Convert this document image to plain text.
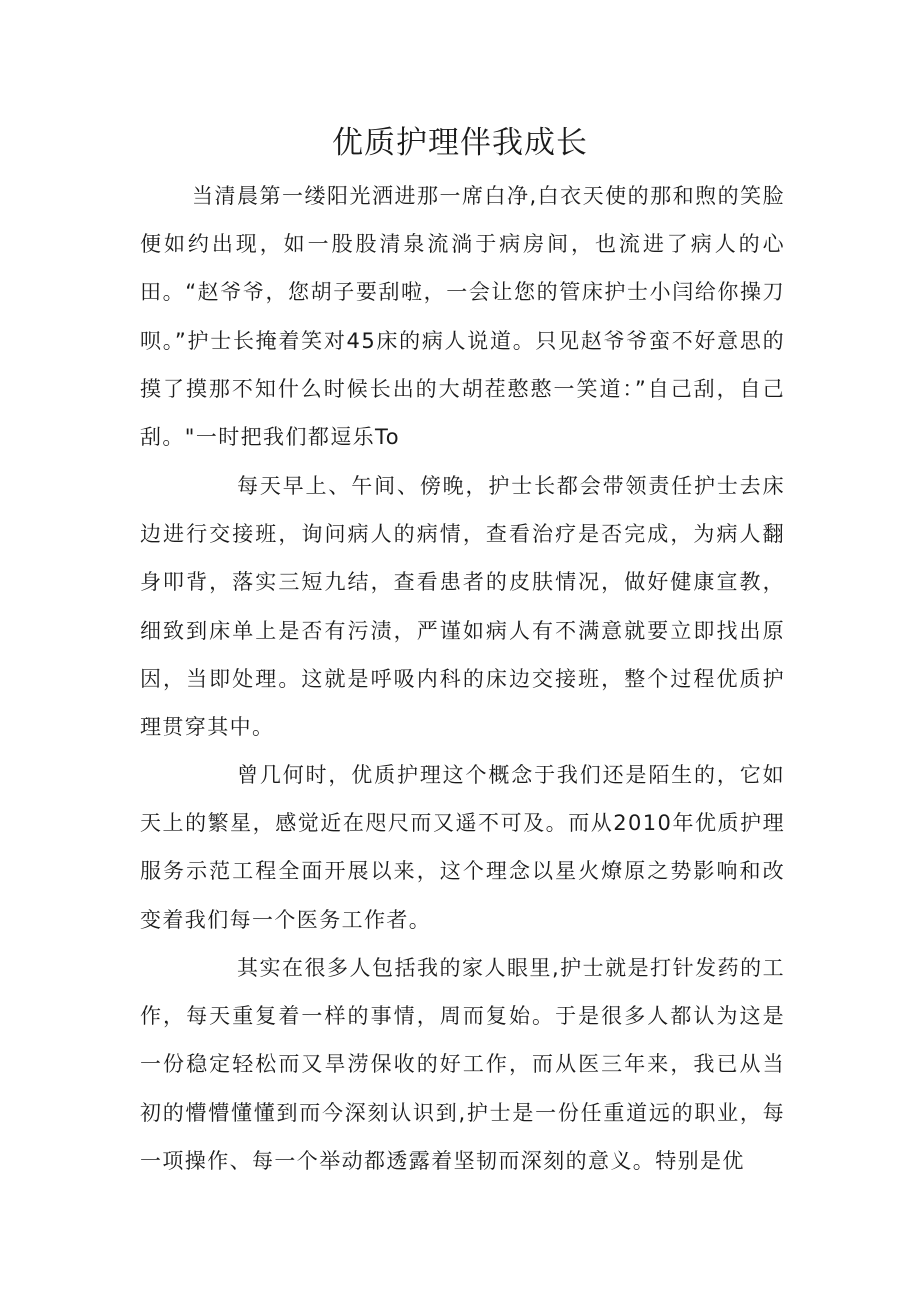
优质护理伴我成长

当清晨第一缕阳光洒进那一席白净,白衣天使的那和煦的笑脸便如约出现，如一股股清泉流淌于病房间，也流进了病人的心田。“赵爷爷，您胡子要刮啦，一会让您的管床护士小闫给你操刀呗。”护士长掩着笑对45床的病人说道。只见赵爷爷蛮不好意思的摸了摸那不知什么时候长出的大胡茬憨憨一笑道：”自己刮，自己刮。"一时把我们都逗乐To

每天早上、午间、傍晚，护士长都会带领责任护士去床边进行交接班，询问病人的病情，查看治疗是否完成，为病人翻身叩背，落实三短九结，查看患者的皮肤情况，做好健康宣教，细致到床单上是否有污渍，严谨如病人有不满意就要立即找出原因，当即处理。这就是呼吸内科的床边交接班，整个过程优质护理贯穿其中。

曾几何时，优质护理这个概念于我们还是陌生的，它如天上的繁星，感觉近在咫尺而又遥不可及。而从2010年优质护理服务示范工程全面开展以来，这个理念以星火燎原之势影响和改变着我们每一个医务工作者。

其实在很多人包括我的家人眼里,护士就是打针发药的工作，每天重复着一样的事情，周而复始。于是很多人都认为这是一份稳定轻松而又旱涝保收的好工作，而从医三年来，我已从当初的懵懵懂懂到而今深刻认识到,护士是一份任重道远的职业，每一项操作、每一个举动都透露着坚韧而深刻的意义。特别是优
